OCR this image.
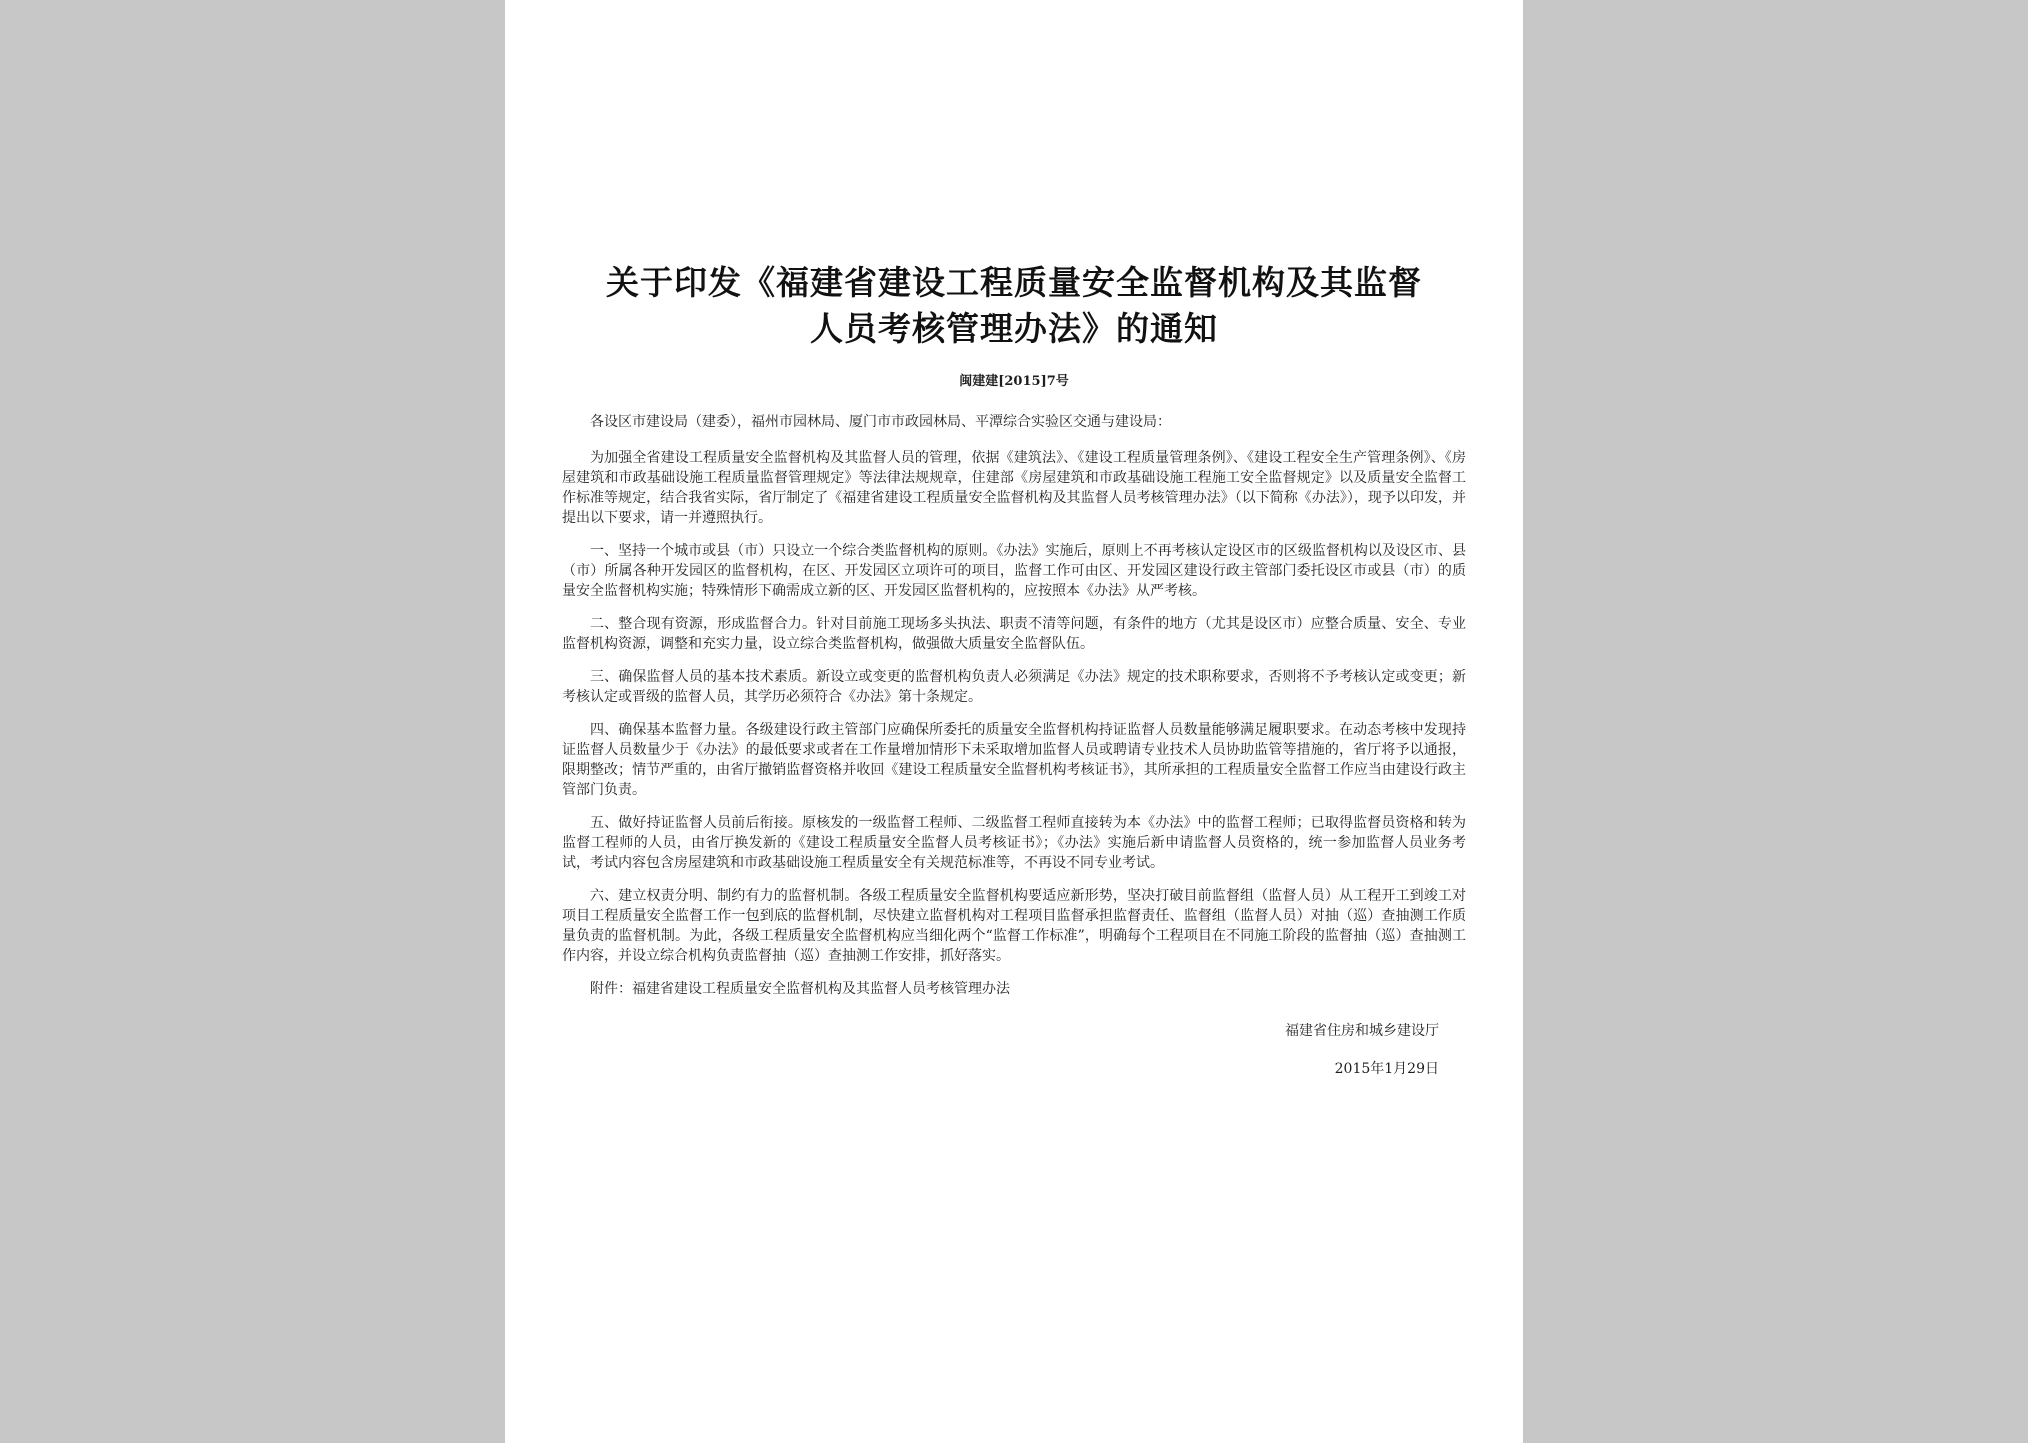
关于印发《福建省建设工程质量安全监督机构及其监督
人员考核管理办法》的通知
闽建建[2015]7号

各设区市建设局（建委），福州市园林局、厦门市市政园林局、平潭综合实验区交通与建设局：

为加强全省建设工程质量安全监督机构及其监督人员的管理，依据《建筑法》、《建设工程质量管理条例》、《建设工程安全生产管理条例》、《房屋建筑和市政基础设施工程质量监督管理规定》等法律法规规章，住建部《房屋建筑和市政基础设施工程施工安全监督规定》以及质量安全监督工作标准等规定，结合我省实际，省厅制定了《福建省建设工程质量安全监督机构及其监督人员考核管理办法》（以下简称《办法》），现予以印发，并提出以下要求，请一并遵照执行。

一、坚持一个城市或县（市）只设立一个综合类监督机构的原则。《办法》实施后，原则上不再考核认定设区市的区级监督机构以及设区市、县（市）所属各种开发园区的监督机构，在区、开发园区立项许可的项目，监督工作可由区、开发园区建设行政主管部门委托设区市或县（市）的质量安全监督机构实施；特殊情形下确需成立新的区、开发园区监督机构的，应按照本《办法》从严考核。

二、整合现有资源，形成监督合力。针对目前施工现场多头执法、职责不清等问题，有条件的地方（尤其是设区市）应整合质量、安全、专业监督机构资源，调整和充实力量，设立综合类监督机构，做强做大质量安全监督队伍。

三、确保监督人员的基本技术素质。新设立或变更的监督机构负责人必须满足《办法》规定的技术职称要求，否则将不予考核认定或变更；新考核认定或晋级的监督人员，其学历必须符合《办法》第十条规定。

四、确保基本监督力量。各级建设行政主管部门应确保所委托的质量安全监督机构持证监督人员数量能够满足履职要求。在动态考核中发现持证监督人员数量少于《办法》的最低要求或者在工作量增加情形下未采取增加监督人员或聘请专业技术人员协助监管等措施的，省厅将予以通报，限期整改；情节严重的，由省厅撤销监督资格并收回《建设工程质量安全监督机构考核证书》，其所承担的工程质量安全监督工作应当由建设行政主管部门负责。

五、做好持证监督人员前后衔接。原核发的一级监督工程师、二级监督工程师直接转为本《办法》中的监督工程师；已取得监督员资格和转为监督工程师的人员，由省厅换发新的《建设工程质量安全监督人员考核证书》；《办法》实施后新申请监督人员资格的，统一参加监督人员业务考试，考试内容包含房屋建筑和市政基础设施工程质量安全有关规范标准等，不再设不同专业考试。

六、建立权责分明、制约有力的监督机制。各级工程质量安全监督机构要适应新形势，坚决打破目前监督组（监督人员）从工程开工到竣工对项目工程质量安全监督工作一包到底的监督机制，尽快建立监督机构对工程项目监督承担监督责任、监督组（监督人员）对抽（巡）查抽测工作质量负责的监督机制。为此，各级工程质量安全监督机构应当细化两个“监督工作标准”，明确每个工程项目在不同施工阶段的监督抽（巡）查抽测工作内容，并设立综合机构负责监督抽（巡）查抽测工作安排，抓好落实。

附件：福建省建设工程质量安全监督机构及其监督人员考核管理办法

福建省住房和城乡建设厅
2015年1月29日
